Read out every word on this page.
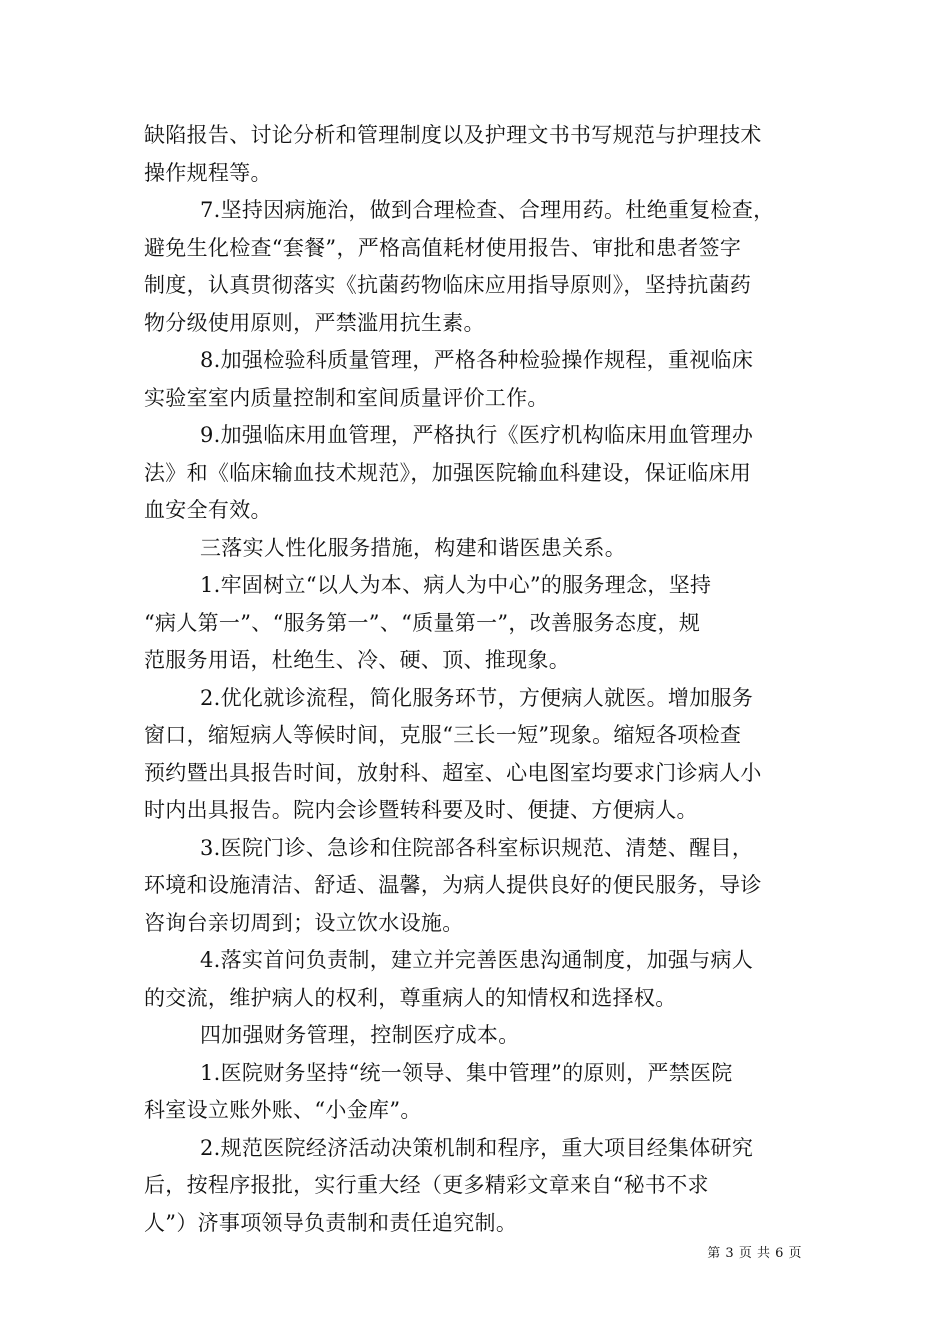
缺陷报告、讨论分析和管理制度以及护理文书书写规范与护理技术
操作规程等。

7.坚持因病施治，做到合理检查、合理用药。杜绝重复检查，
避免生化检查“套餐”，严格高值耗材使用报告、审批和患者签字
制度，认真贯彻落实《抗菌药物临床应用指导原则》，坚持抗菌药
物分级使用原则，严禁滥用抗生素。

8.加强检验科质量管理，严格各种检验操作规程，重视临床
实验室室内质量控制和室间质量评价工作。

9.加强临床用血管理，严格执行《医疗机构临床用血管理办
法》和《临床输血技术规范》，加强医院输血科建设，保证临床用
血安全有效。

三落实人性化服务措施，构建和谐医患关系。

1.牢固树立“以人为本、病人为中心”的服务理念，坚持
“病人第一”、“服务第一”、“质量第一”，改善服务态度，规
范服务用语，杜绝生、冷、硬、顶、推现象。

2.优化就诊流程，简化服务环节，方便病人就医。增加服务
窗口，缩短病人等候时间，克服“三长一短”现象。缩短各项检查
预约暨出具报告时间，放射科、超室、心电图室均要求门诊病人小
时内出具报告。院内会诊暨转科要及时、便捷、方便病人。

3.医院门诊、急诊和住院部各科室标识规范、清楚、醒目，
环境和设施清洁、舒适、温馨，为病人提供良好的便民服务，导诊
咨询台亲切周到；设立饮水设施。

4.落实首问负责制，建立并完善医患沟通制度，加强与病人
的交流，维护病人的权利，尊重病人的知情权和选择权。

四加强财务管理，控制医疗成本。

1.医院财务坚持“统一领导、集中管理”的原则，严禁医院
科室设立账外账、“小金库”。

2.规范医院经济活动决策机制和程序，重大项目经集体研究
后，按程序报批，实行重大经（更多精彩文章来自“秘书不求
人”）济事项领导负责制和责任追究制。

第 3 页 共 6 页
